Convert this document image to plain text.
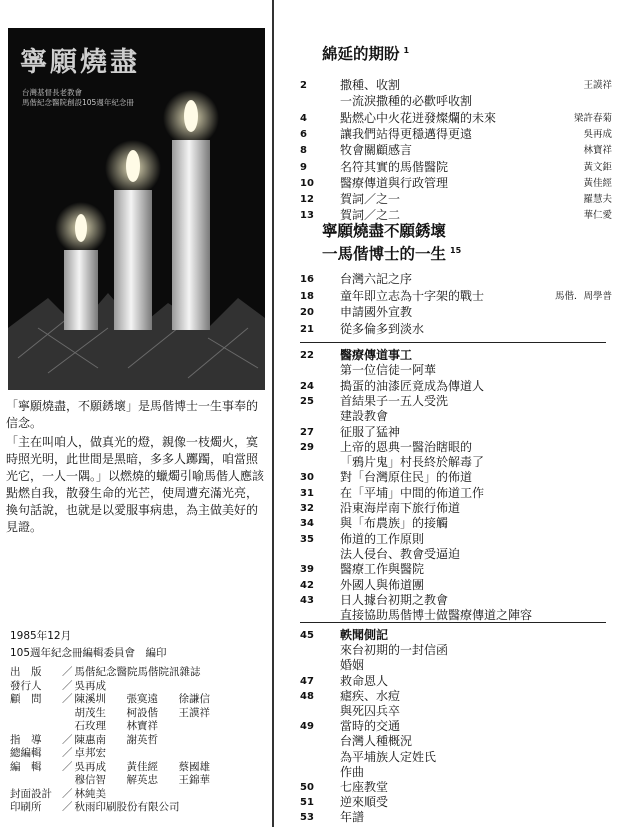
寧願燒盡
台灣基督長老教會
馬偕紀念醫院創設105週年紀念冊

「寧願燒盡，不願銹壞」是馬偕博士一生事奉的信念。

「主在叫咱人，做真光的燈，親像一枝燭火，寞時照光明，此世間是黑暗，多多人躑躅，咱當照光它，一人一隅。」以燃燒的蠟燭引喻馬偕人應該點燃自我，散發生命的光芒，使周遭充滿光亮，換句話說，也就是以愛服事病患，為主做美好的見證。

1985年12月
105週年紀念冊編輯委員會　編印
出　版	／ 馬偕紀念醫院馬偕院訊雜誌
發行人	／ 吳再成
顧　問	／ 陳溪圳	張寞遠	徐謙信

胡茂生	柯設偕	王謨祥

石玫理	林寶祥
指　導	／ 陳惠南	謝英哲
總編輯	／ 卓邦宏
編　輯	／ 吳再成	黃佳經	蔡國雄

穆信智	解英忠	王錦華
封面設計 ／ 林純美
印刷所	／ 秋雨印刷股份有限公司
綿延的期盼 $^1$
2	撒種、收割	王謨祥
一流淚撒種的必歡呼收割
4	點燃心中火花迸發燦爛的未來	梁許春菊
6	讓我們站得更穩邁得更遠	吳再成
8	牧會關顧感言	林寶祥
9	名符其實的馬偕醫院	黃文鉅
10	醫療傳道與行政管理	黃佳經
12	賀詞／之一	羅慧夫
13	賀詞／之二	華仁愛
寧願燒盡不願銹壞
一馬偕博士的一生 $^{15}$
16	台灣六記之序
18	童年即立志為十字架的戰士	馬偕．周學普
20	申請國外宣教
21	從多倫多到淡水
22	醫療傳道事工
第一位信徒一阿華
24	搗蛋的油漆匠竟成為傳道人
25	首結果子一五人受洗
建設教會
27	征服了猛神
29	上帝的恩典一醫治瞎眼的
「鴉片鬼」村長終於解毒了
30	對「台灣原住民」的佈道
31	在「平埔」中間的佈道工作
32	沿東海岸南下旅行佈道
34	與「布農族」的接觸
35	佈道的工作原則
法人侵台、教會受逼迫
39	醫療工作與醫院
42	外國人與佈道團
43	日人據台初期之教會
直接協助馬偕博士做醫療傳道之陣容
45	軼聞側記
來台初期的一封信函
婚姻
47	救命恩人
48	瘧疾、水痘
與死囚兵卒
49	當時的交通
台灣人種概況
為平埔族人定姓氏
作曲
50	七座教堂
51	逆來順受
53	年譜
